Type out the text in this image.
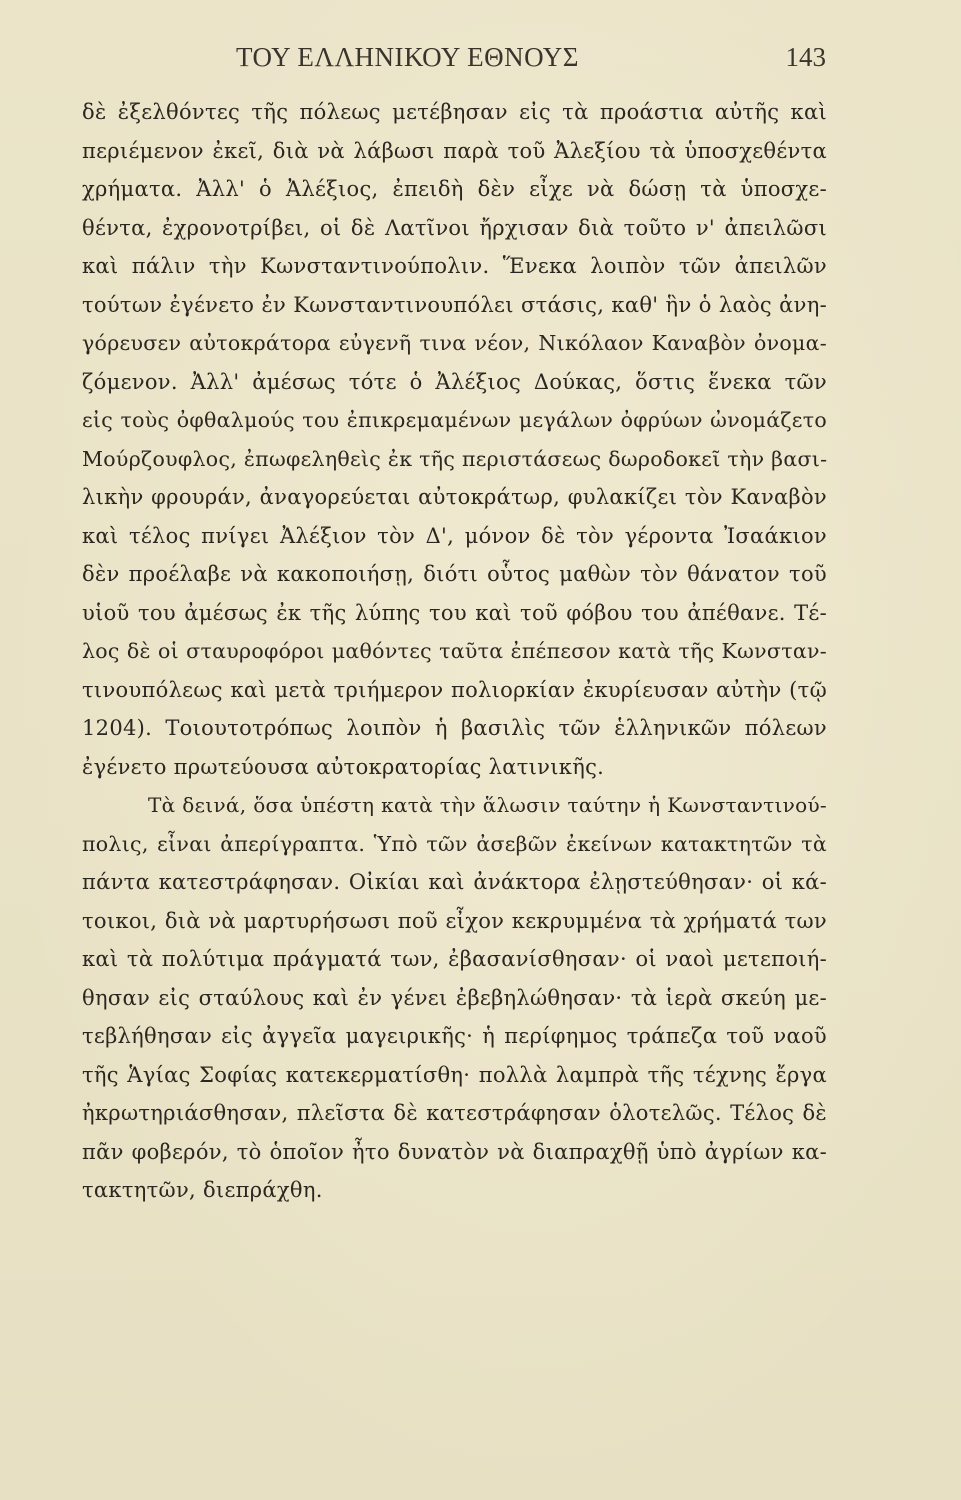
ΤΟΥ ΕΛΛΗΝΙΚΟΥ ΕΘΝΟΥΣ	143
δὲ ἐξελθόντες τῆς πόλεως μετέβησαν εἰς τὰ προάστια αὐτῆς καὶ
περιέμενον ἐκεῖ, διὰ νὰ λάβωσι παρὰ τοῦ Ἀλεξίου τὰ ὑποσχεθέντα
χρήματα. Ἀλλ' ὁ Ἀλέξιος, ἐπειδὴ δὲν εἶχε νὰ δώσῃ τὰ ὑποσχε-
θέντα, ἐχρονοτρίβει, οἱ δὲ Λατῖνοι ἤρχισαν διὰ τοῦτο ν' ἀπειλῶσι
καὶ πάλιν τὴν Κωνσταντινούπολιν. Ἕνεκα λοιπὸν τῶν ἀπειλῶν
τούτων ἐγένετο ἐν Κωνσταντινουπόλει στάσις, καθ' ἣν ὁ λαὸς ἀνη-
γόρευσεν αὐτοκράτορα εὐγενῆ τινα νέον, Νικόλαον Καναβὸν ὀνομα-
ζόμενον. Ἀλλ' ἀμέσως τότε ὁ Ἀλέξιος Δούκας, ὅστις ἕνεκα τῶν
εἰς τοὺς ὀφθαλμούς του ἐπικρεμαμένων μεγάλων ὀφρύων ὠνομάζετο
Μούρζουφλος, ἐπωφεληθεὶς ἐκ τῆς περιστάσεως δωροδοκεῖ τὴν βασι-
λικὴν φρουράν, ἀναγορεύεται αὐτοκράτωρ, φυλακίζει τὸν Καναβὸν
καὶ τέλος πνίγει Ἀλέξιον τὸν Δ', μόνον δὲ τὸν γέροντα Ἰσαάκιον
δὲν προέλαβε νὰ κακοποιήσῃ, διότι οὗτος μαθὼν τὸν θάνατον τοῦ
υἱοῦ του ἀμέσως ἐκ τῆς λύπης του καὶ τοῦ φόβου του ἀπέθανε. Τέ-
λος δὲ οἱ σταυροφόροι μαθόντες ταῦτα ἐπέπεσον κατὰ τῆς Κωνσταν-
τινουπόλεως καὶ μετὰ τριήμερον πολιορκίαν ἐκυρίευσαν αὐτὴν (τῷ
1204). Τοιουτοτρόπως λοιπὸν ἡ βασιλὶς τῶν ἑλληνικῶν πόλεων
ἐγένετο πρωτεύουσα αὐτοκρατορίας λατινικῆς.
Τὰ δεινά, ὅσα ὑπέστη κατὰ τὴν ἅλωσιν ταύτην ἡ Κωνσταντινού-
πολις, εἶναι ἀπερίγραπτα. Ὑπὸ τῶν ἀσεβῶν ἐκείνων κατακτητῶν τὰ
πάντα κατεστράφησαν. Οἰκίαι καὶ ἀνάκτορα ἐλῃστεύθησαν· οἱ κά-
τοικοι, διὰ νὰ μαρτυρήσωσι ποῦ εἶχον κεκρυμμένα τὰ χρήματά των
καὶ τὰ πολύτιμα πράγματά των, ἐβασανίσθησαν· οἱ ναοὶ μετεποιή-
θησαν εἰς σταύλους καὶ ἐν γένει ἐβεβηλώθησαν· τὰ ἱερὰ σκεύη με-
τεβλήθησαν εἰς ἀγγεῖα μαγειρικῆς· ἡ περίφημος τράπεζα τοῦ ναοῦ
τῆς Ἁγίας Σοφίας κατεκερματίσθη· πολλὰ λαμπρὰ τῆς τέχνης ἔργα
ἠκρωτηριάσθησαν, πλεῖστα δὲ κατεστράφησαν ὁλοτελῶς. Τέλος δὲ
πᾶν φοβερόν, τὸ ὁποῖον ἦτο δυνατὸν νὰ διαπραχθῇ ὑπὸ ἀγρίων κα-
τακτητῶν, διεπράχθη.
